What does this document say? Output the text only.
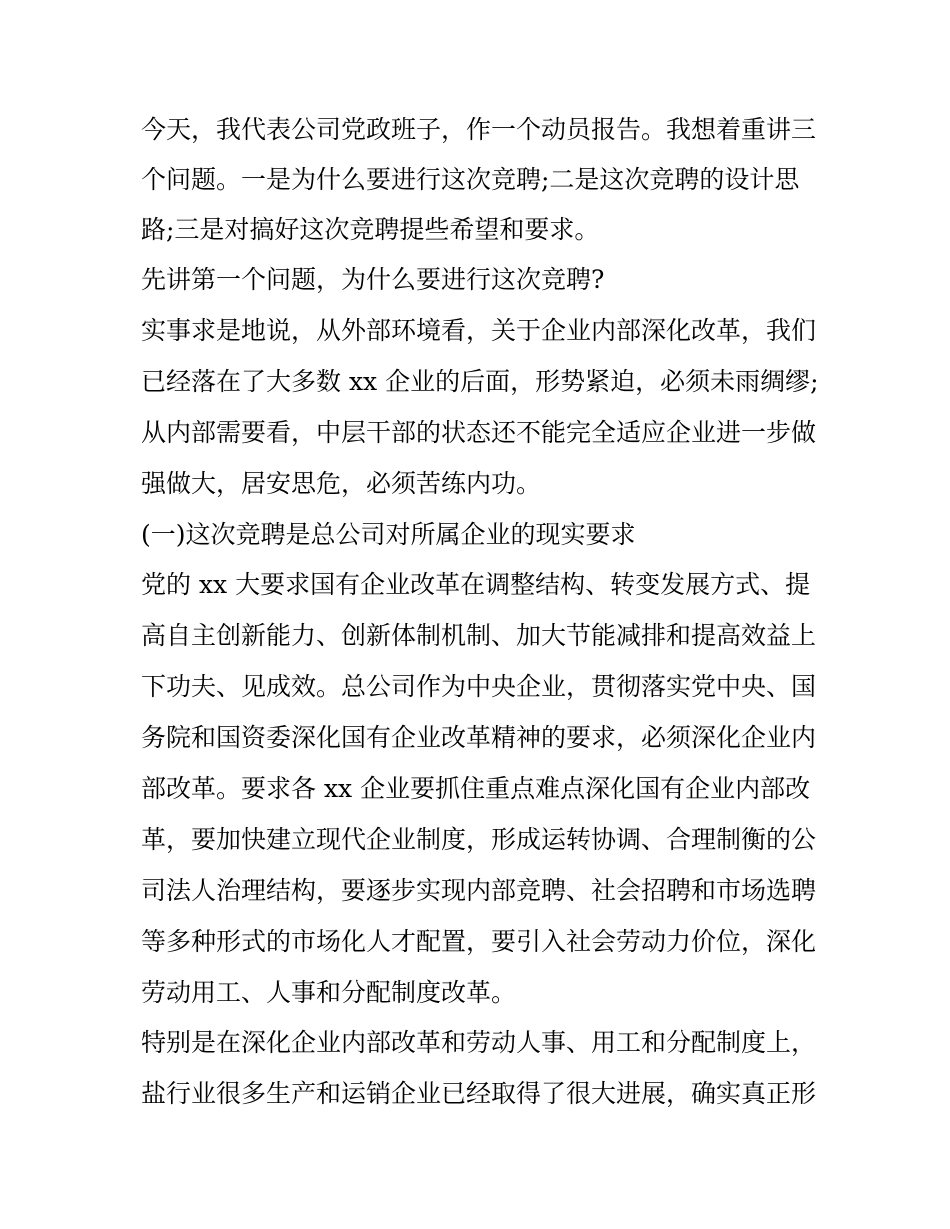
今天，我代表公司党政班子，作一个动员报告。我想着重讲三
个问题。一是为什么要进行这次竞聘;二是这次竞聘的设计思
路;三是对搞好这次竞聘提些希望和要求。
先讲第一个问题，为什么要进行这次竞聘?
实事求是地说，从外部环境看，关于企业内部深化改革，我们
已经落在了大多数 xx 企业的后面，形势紧迫，必须未雨绸缪;
从内部需要看，中层干部的状态还不能完全适应企业进一步做
强做大，居安思危，必须苦练内功。
(一)这次竞聘是总公司对所属企业的现实要求
党的 xx 大要求国有企业改革在调整结构、转变发展方式、提
高自主创新能力、创新体制机制、加大节能减排和提高效益上
下功夫、见成效。总公司作为中央企业，贯彻落实党中央、国
务院和国资委深化国有企业改革精神的要求，必须深化企业内
部改革。要求各 xx 企业要抓住重点难点深化国有企业内部改
革，要加快建立现代企业制度，形成运转协调、合理制衡的公
司法人治理结构，要逐步实现内部竞聘、社会招聘和市场选聘
等多种形式的市场化人才配置，要引入社会劳动力价位，深化
劳动用工、人事和分配制度改革。
特别是在深化企业内部改革和劳动人事、用工和分配制度上，
盐行业很多生产和运销企业已经取得了很大进展，确实真正形
